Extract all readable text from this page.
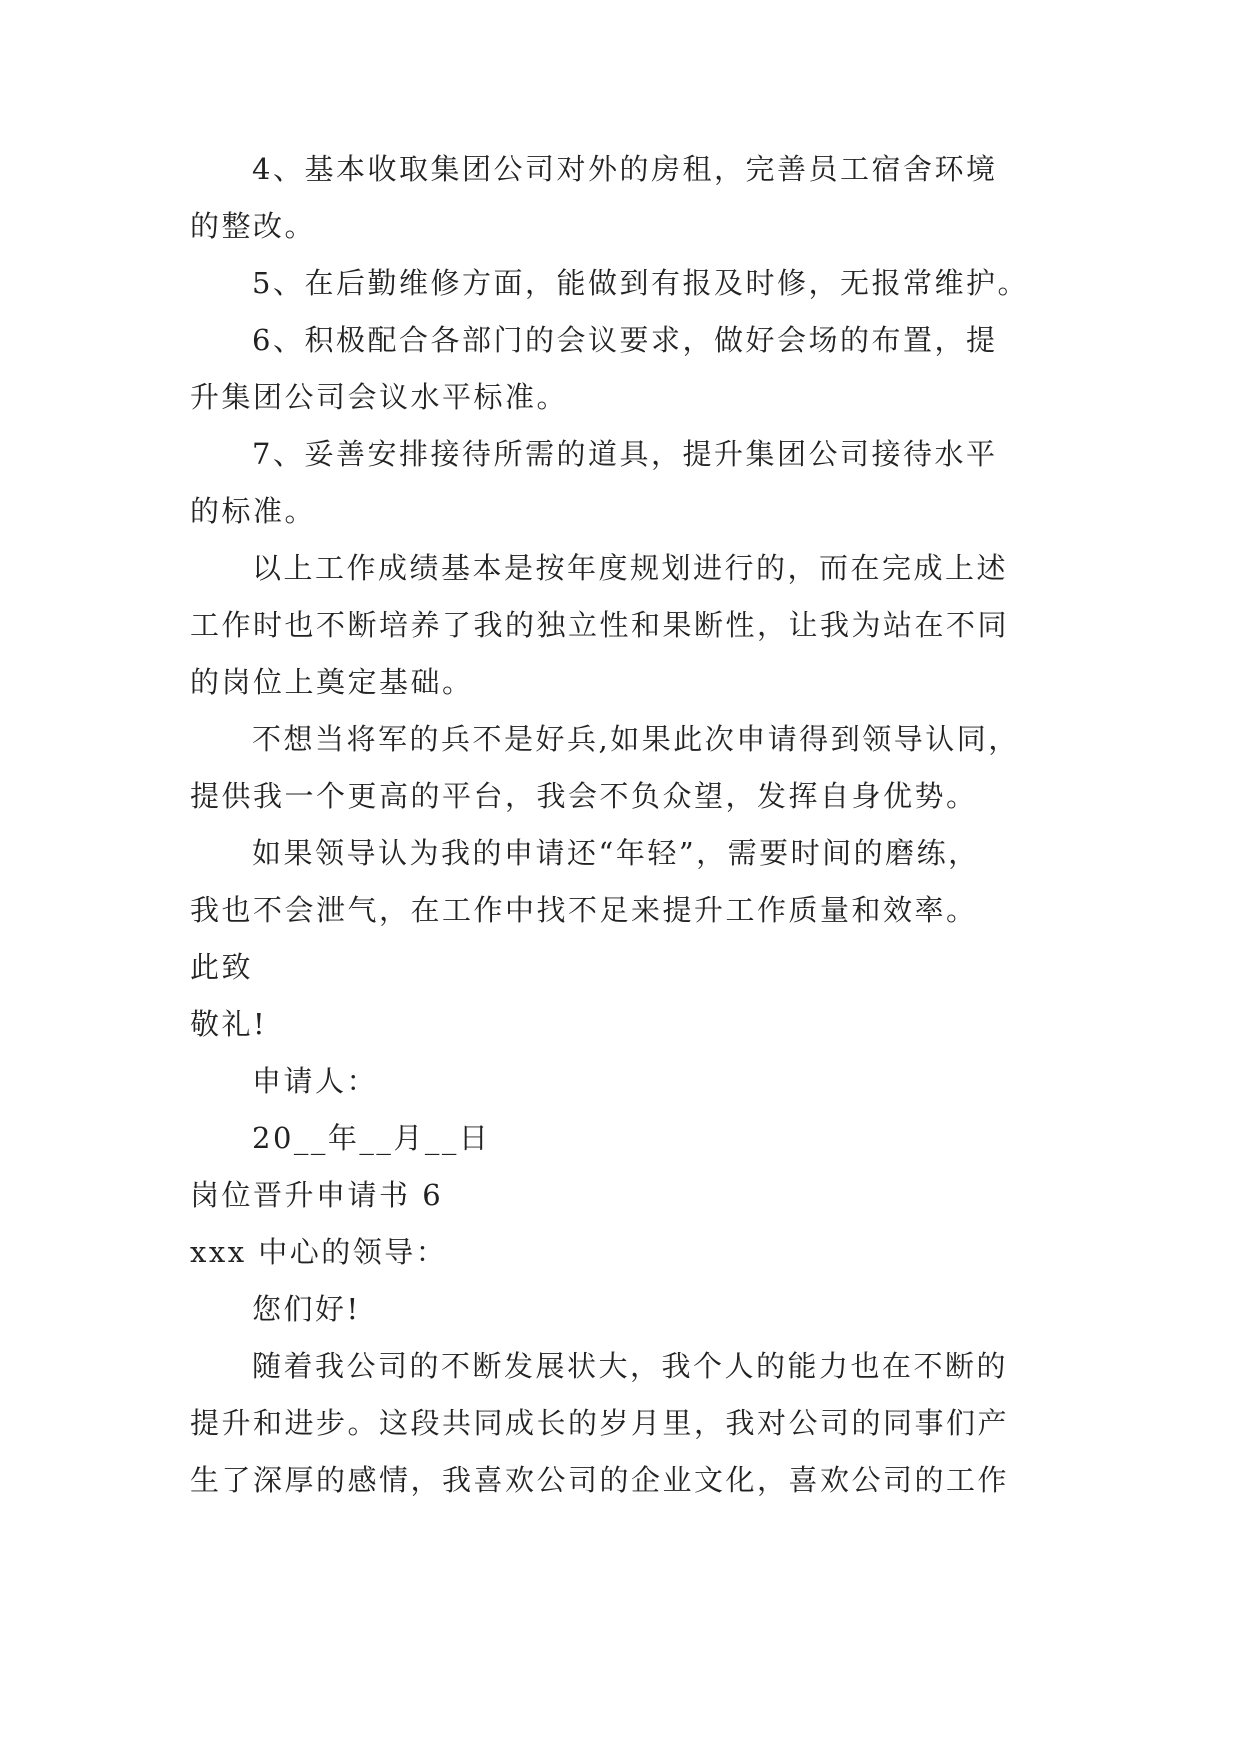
4、基本收取集团公司对外的房租，完善员工宿舍环境
的整改。
5、在后勤维修方面，能做到有报及时修，无报常维护。
6、积极配合各部门的会议要求，做好会场的布置，提
升集团公司会议水平标准。
7、妥善安排接待所需的道具，提升集团公司接待水平
的标准。
以上工作成绩基本是按年度规划进行的，而在完成上述
工作时也不断培养了我的独立性和果断性，让我为站在不同
的岗位上奠定基础。
不想当将军的兵不是好兵,如果此次申请得到领导认同，
提供我一个更高的平台，我会不负众望，发挥自身优势。
如果领导认为我的申请还“年轻”，需要时间的磨练，
我也不会泄气，在工作中找不足来提升工作质量和效率。
此致
敬礼!
申请人：
20__年__月__日
岗位晋升申请书 6
xxx 中心的领导：
您们好!
随着我公司的不断发展状大，我个人的能力也在不断的
提升和进步。这段共同成长的岁月里，我对公司的同事们产
生了深厚的感情，我喜欢公司的企业文化，喜欢公司的工作
